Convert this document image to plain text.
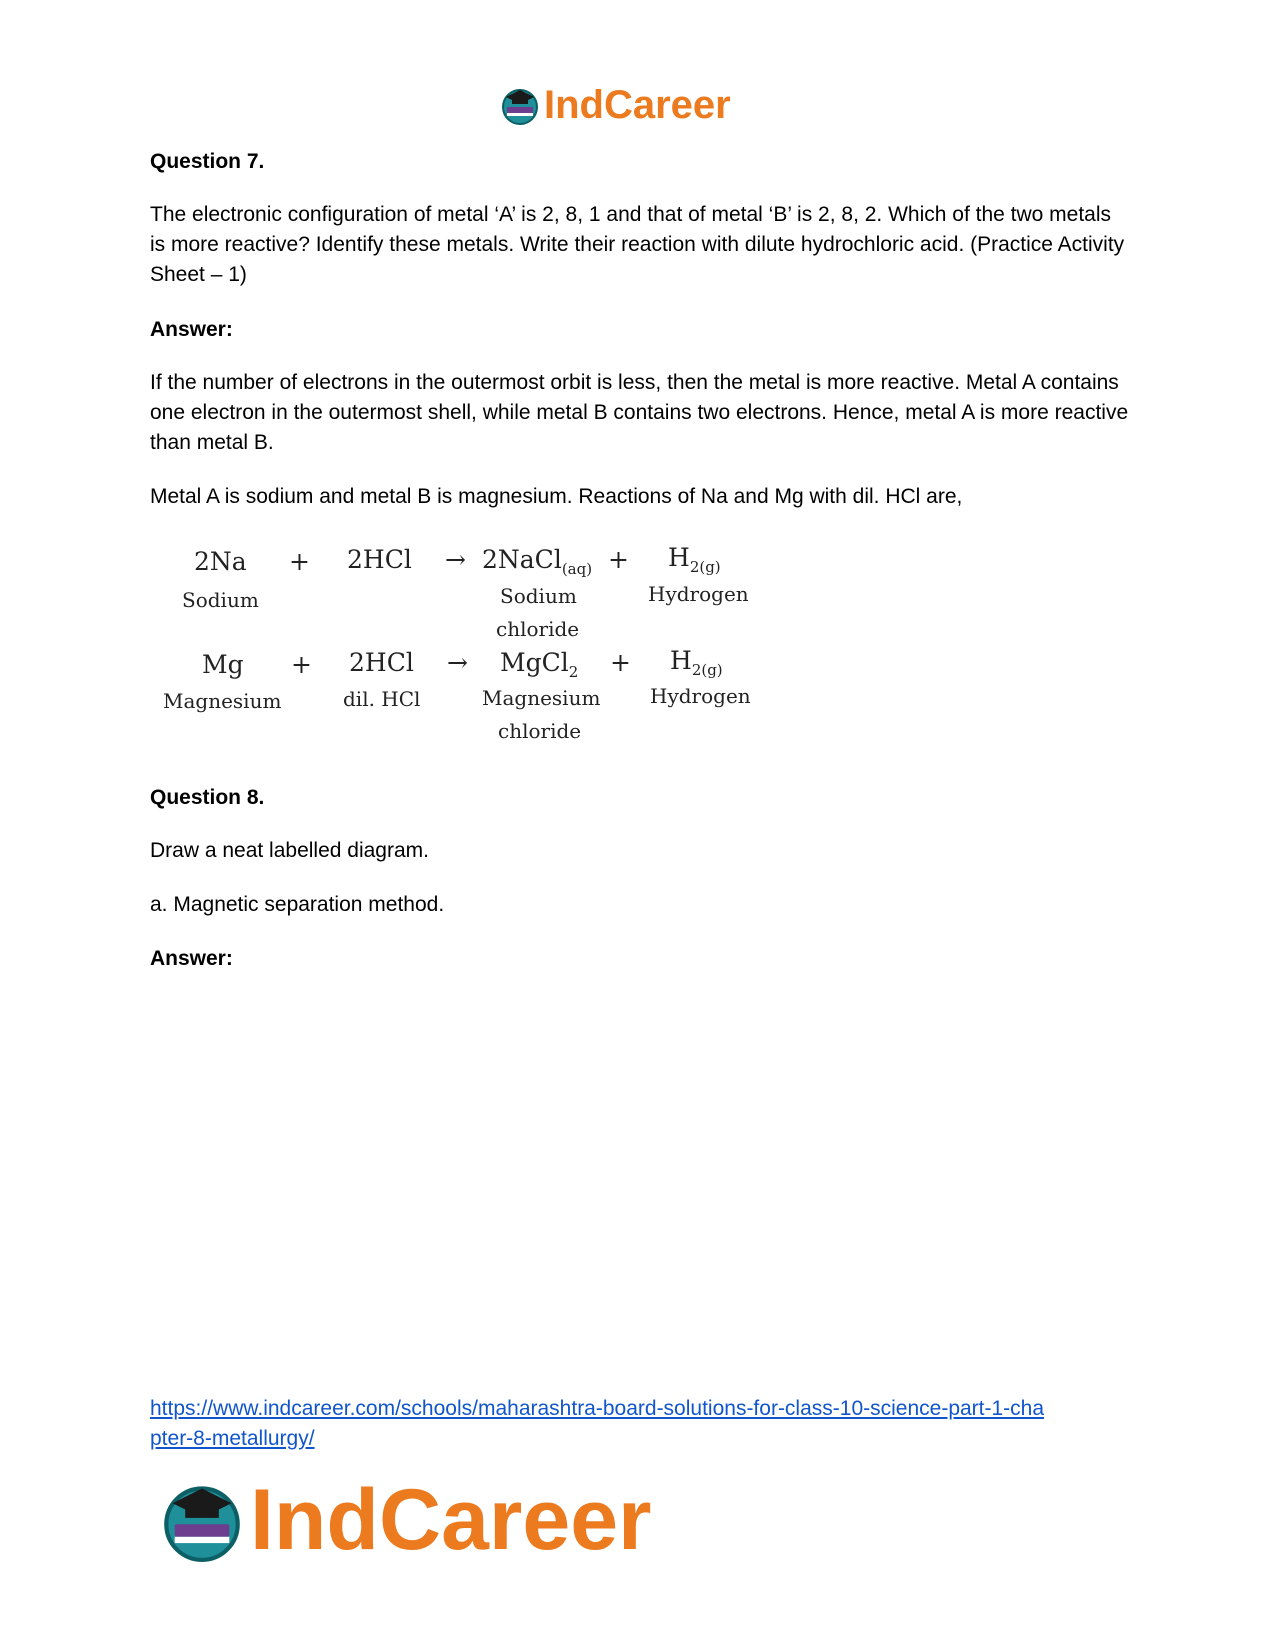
IndCareer
Question 7.
The electronic configuration of metal ‘A’ is 2, 8, 1 and that of metal ‘B’ is 2, 8, 2. Which of the two metals is more reactive? Identify these metals. Write their reaction with dilute hydrochloric acid. (Practice Activity Sheet – 1)
Answer:
If the number of electrons in the outermost orbit is less, then the metal is more reactive. Metal A contains one electron in the outermost shell, while metal B contains two electrons. Hence, metal A is more reactive than metal B.
Metal A is sodium and metal B is magnesium. Reactions of Na and Mg with dil. HCl are,
2Na
Sodium
+ 2HCl → 2NaCl$_{(aq)}$
Sodium
chloride
+ $H_{2(g)}$
Hydrogen
Mg
Magnesium
+ 2HCl
dil. HCl
→ MgCl$_2$
Magnesium
chloride
+ $H_{2(g)}$
Hydrogen
Question 8.
Draw a neat labelled diagram.
a. Magnetic separation method.
Answer:
https://www.indcareer.com/schools/maharashtra-board-solutions-for-class-10-science-part-1-cha
pter-8-metallurgy/
IndCareer
